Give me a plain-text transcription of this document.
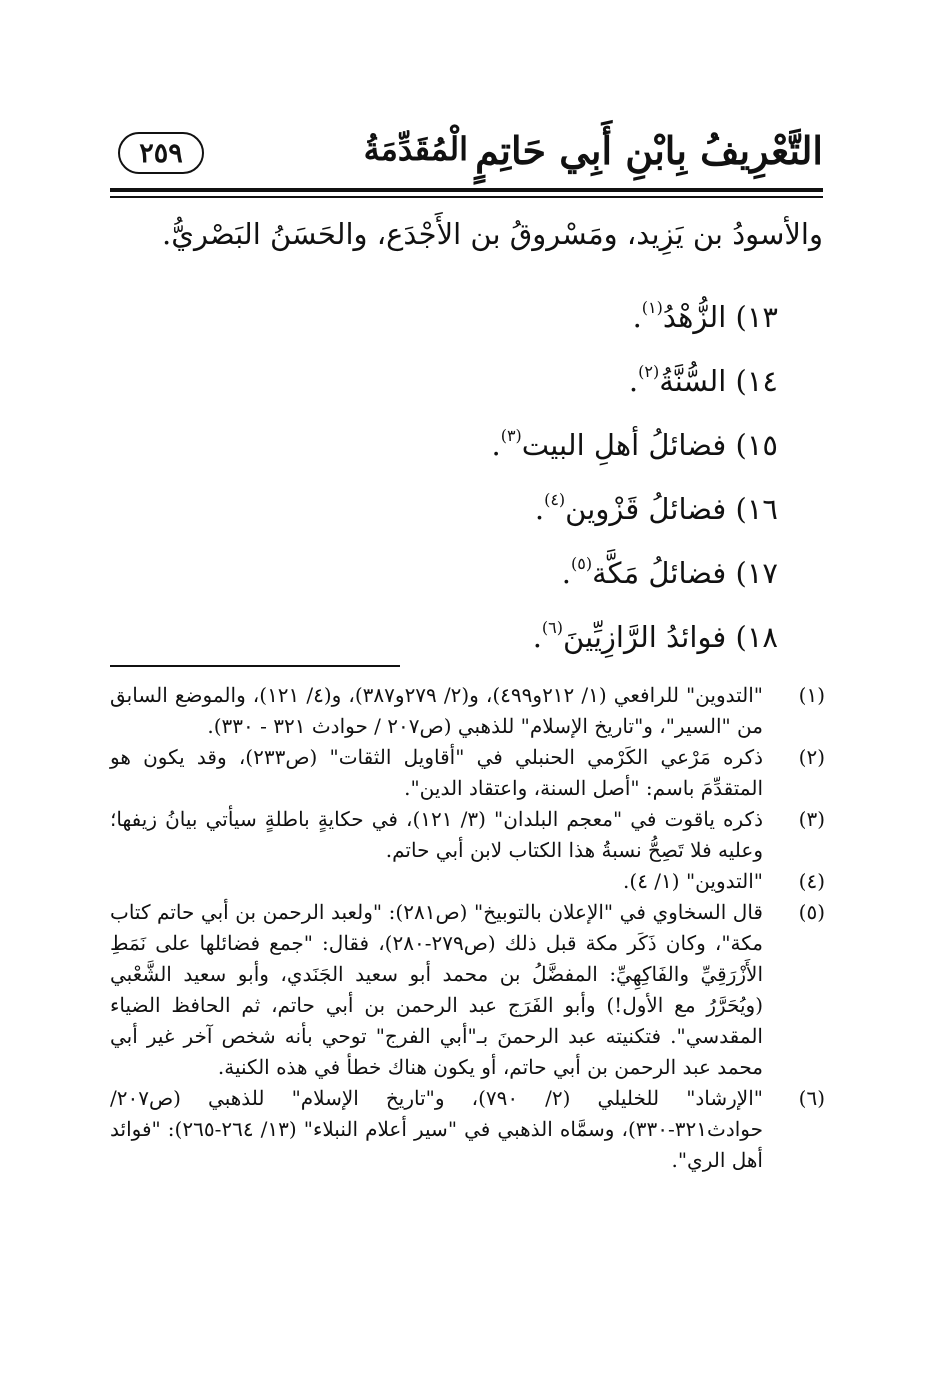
التَّعْرِيفُ بِابْنِ أَبِي حَاتِمٍ
الْمُقَدِّمَةُ
٢٥٩
والأسودُ بن يَزِيد، ومَسْروقُ بن الأَجْدَع، والحَسَنُ البَصْريُّ.
١٣) الزُّهْدُ$^{(١)}$.
١٤) السُّنَّةُ$^{(٢)}$.
١٥) فضائلُ أهلِ البيت$^{(٣)}$.
١٦) فضائلُ قَزْوين$^{(٤)}$.
١٧) فضائلُ مَكَّة$^{(٥)}$.
١٨) فوائدُ الرَّازِيِّينَ$^{(٦)}$.
(١)
"التدوين" للرافعي (١/ ٢١٢و٤٩٩)، و(٢/ ٢٧٩و٣٨٧)، و(٤/ ١٢١)، والموضع السابق من "السير"، و"تاريخ الإسلام" للذهبي (ص٢٠٧ / حوادث ٣٢١ - ٣٣٠).
(٢)
ذكره مَرْعي الكَرْمي الحنبلي في "أقاويل الثقات" (ص٢٣٣)، وقد يكون هو المتقدِّمَ باسم: "أصل السنة، واعتقاد الدين".
(٣)
ذكره ياقوت في "معجم البلدان" (٣/ ١٢١)، في حكايةٍ باطلةٍ سيأتي بيانُ زيفها؛ وعليه فلا تَصِحُّ نسبةُ هذا الكتاب لابن أبي حاتم.
(٤)
"التدوين" (١/ ٤).
(٥)
قال السخاوي في "الإعلان بالتوبيخ" (ص٢٨١): "ولعبد الرحمن بن أبي حاتم كتاب مكة"، وكان ذَكَر مكة قبل ذلك (ص٢٧٩-٢٨٠)، فقال: "جمع فضائلها على نَمَطِ الأَزْرَقِيِّ والفَاكِهِيِّ: المفضَّلُ بن محمد أبو سعيد الجَنَدي، وأبو سعيد الشَّعْبي (ويُحَرَّرُ مع الأول!) وأبو الفَرَج عبد الرحمن بن أبي حاتم، ثم الحافظ الضياء المقدسي". فتكنيته عبد الرحمنَ بـ"أبي الفرج" توحي بأنه شخص آخر غير أبي محمد عبد الرحمن بن أبي حاتم، أو يكون هناك خطأ في هذه الكنية.
(٦)
"الإرشاد" للخليلي (٢/ ٧٩٠)، و"تاريخ الإسلام" للذهبي (ص٢٠٧/ حوادث٣٢١-٣٣٠)، وسمَّاه الذهبي في "سير أعلام النبلاء" (١٣/ ٢٦٤-٢٦٥): "فوائد أهل الري".
